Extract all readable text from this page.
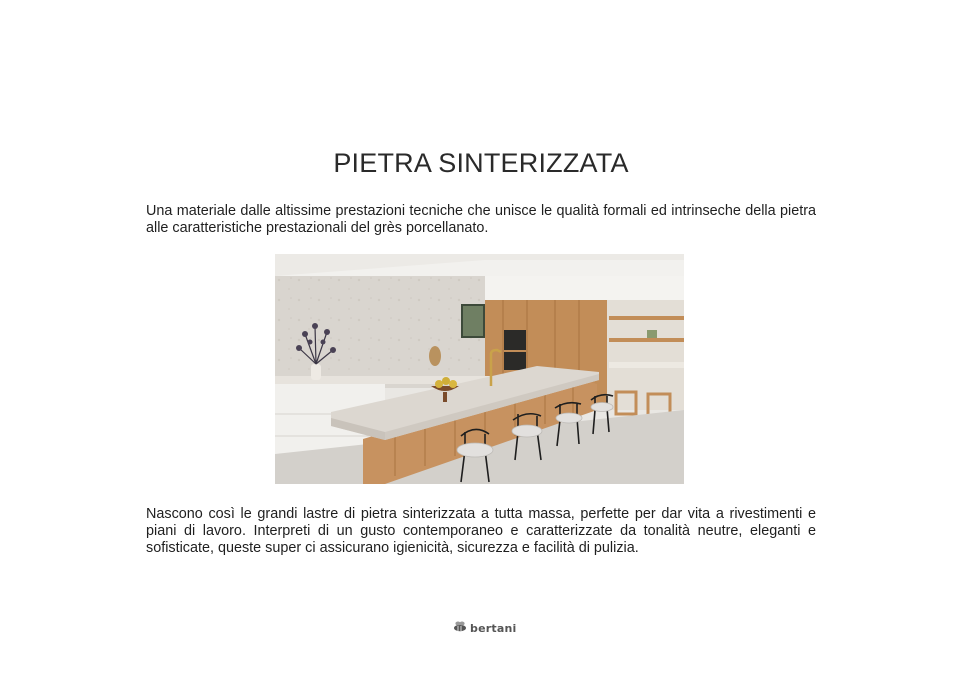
PIETRA SINTERIZZATA

Una materiale dalle altissime prestazioni tecniche che unisce le qualità formali ed intrinseche della pietra alle caratteristiche prestazionali del grès porcellanato.

Nascono così le grandi lastre di pietra sinterizzata a tutta massa, perfette per dar vita a rivestimenti e piani di lavoro. Interpreti di un gusto contemporaneo e caratterizzate da tonalità neutre, eleganti e sofisticate, queste super ci assicurano igienicità, sicurezza e facilità di pulizia.

bertani
